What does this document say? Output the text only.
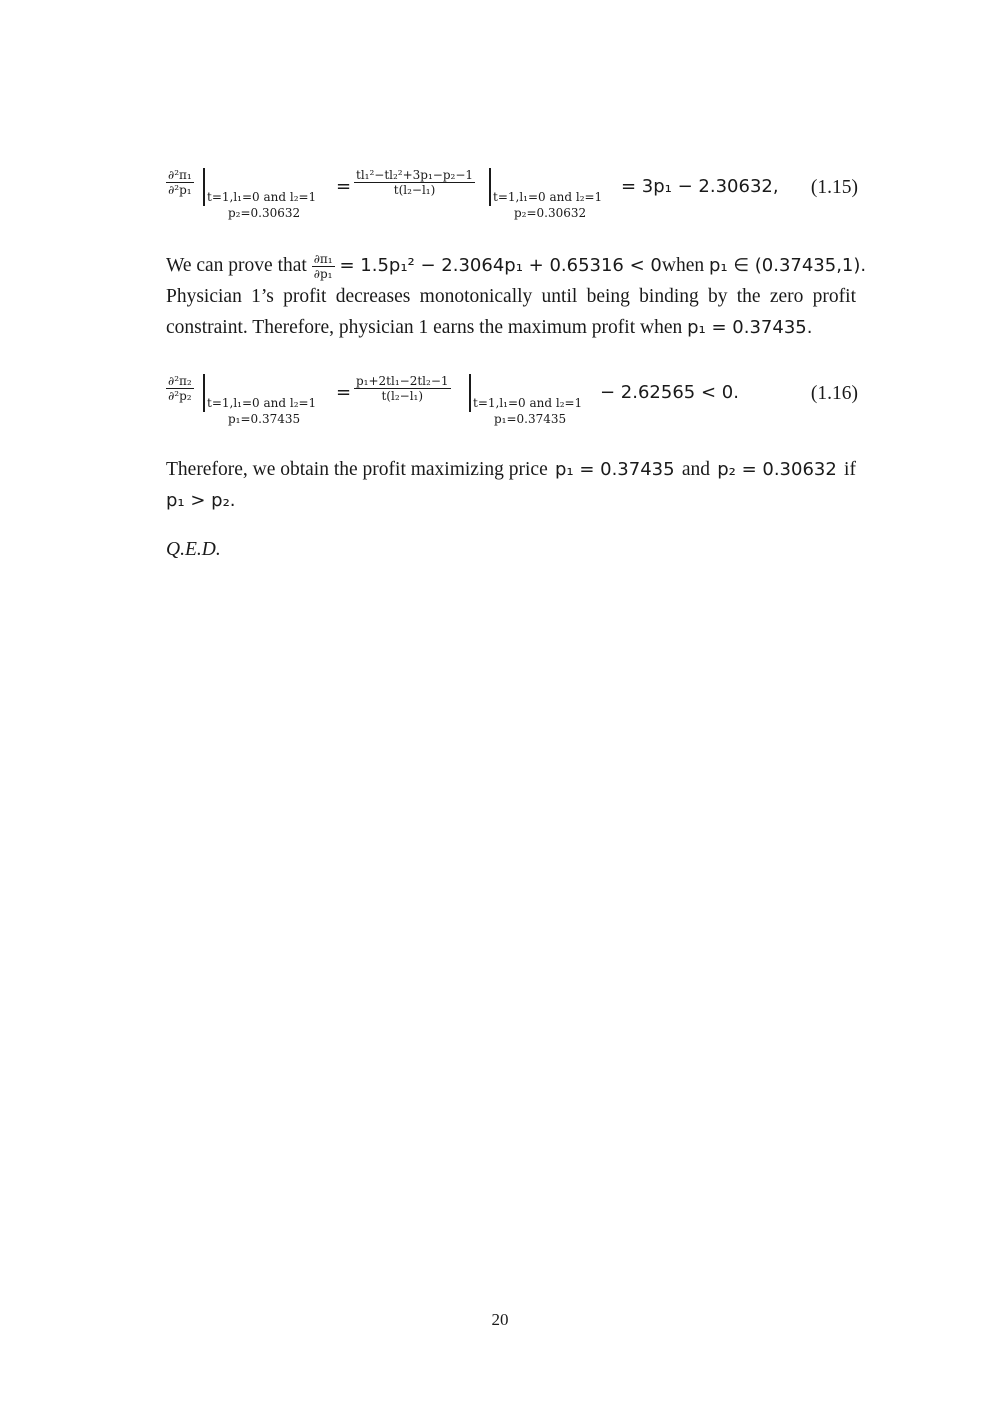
$\frac{\text{∂²π₁}}{\text{∂²p₁}} t=1,l_1=0$ and l₂=1
p₂=0.30632
= $\frac{\text{tl₁²−tl₂²+3p₁−p₂−1}}{\text{t(l₂−l₁)}} t=1,l_1=0$ and l₂=1
p₂=0.30632
= 3p₁ − 2.30632, (1.15)
We can prove that $\frac{\text{∂π₁}}{\text{∂p₁}} = 1.5p_1^2 - 2.3064p_1 + 0.65316 < 0$ when p₁ ∈ (0.37435,1).
Physician 1’s profit decreases monotonically until being binding by the zero profit
constraint. Therefore, physician 1 earns the maximum profit when p₁ = 0.37435.
$\frac{\text{∂²π₂}}{\text{∂²p₂}} t=1,l_1=0$ and l₂=1
p₁=0.37435
= $\frac{\text{p₁+2tl₁−2tl₂−1}}{\text{t(l₂−l₁)}} t=1,l_1=0$ and l₂=1
p₁=0.37435
− 2.62565 < 0.	(1.16)
Therefore, we obtain the profit maximizing price p₁ = 0.37435 and p₂ = 0.30632 if
p₁ > p₂.
Q.E.D.
20
